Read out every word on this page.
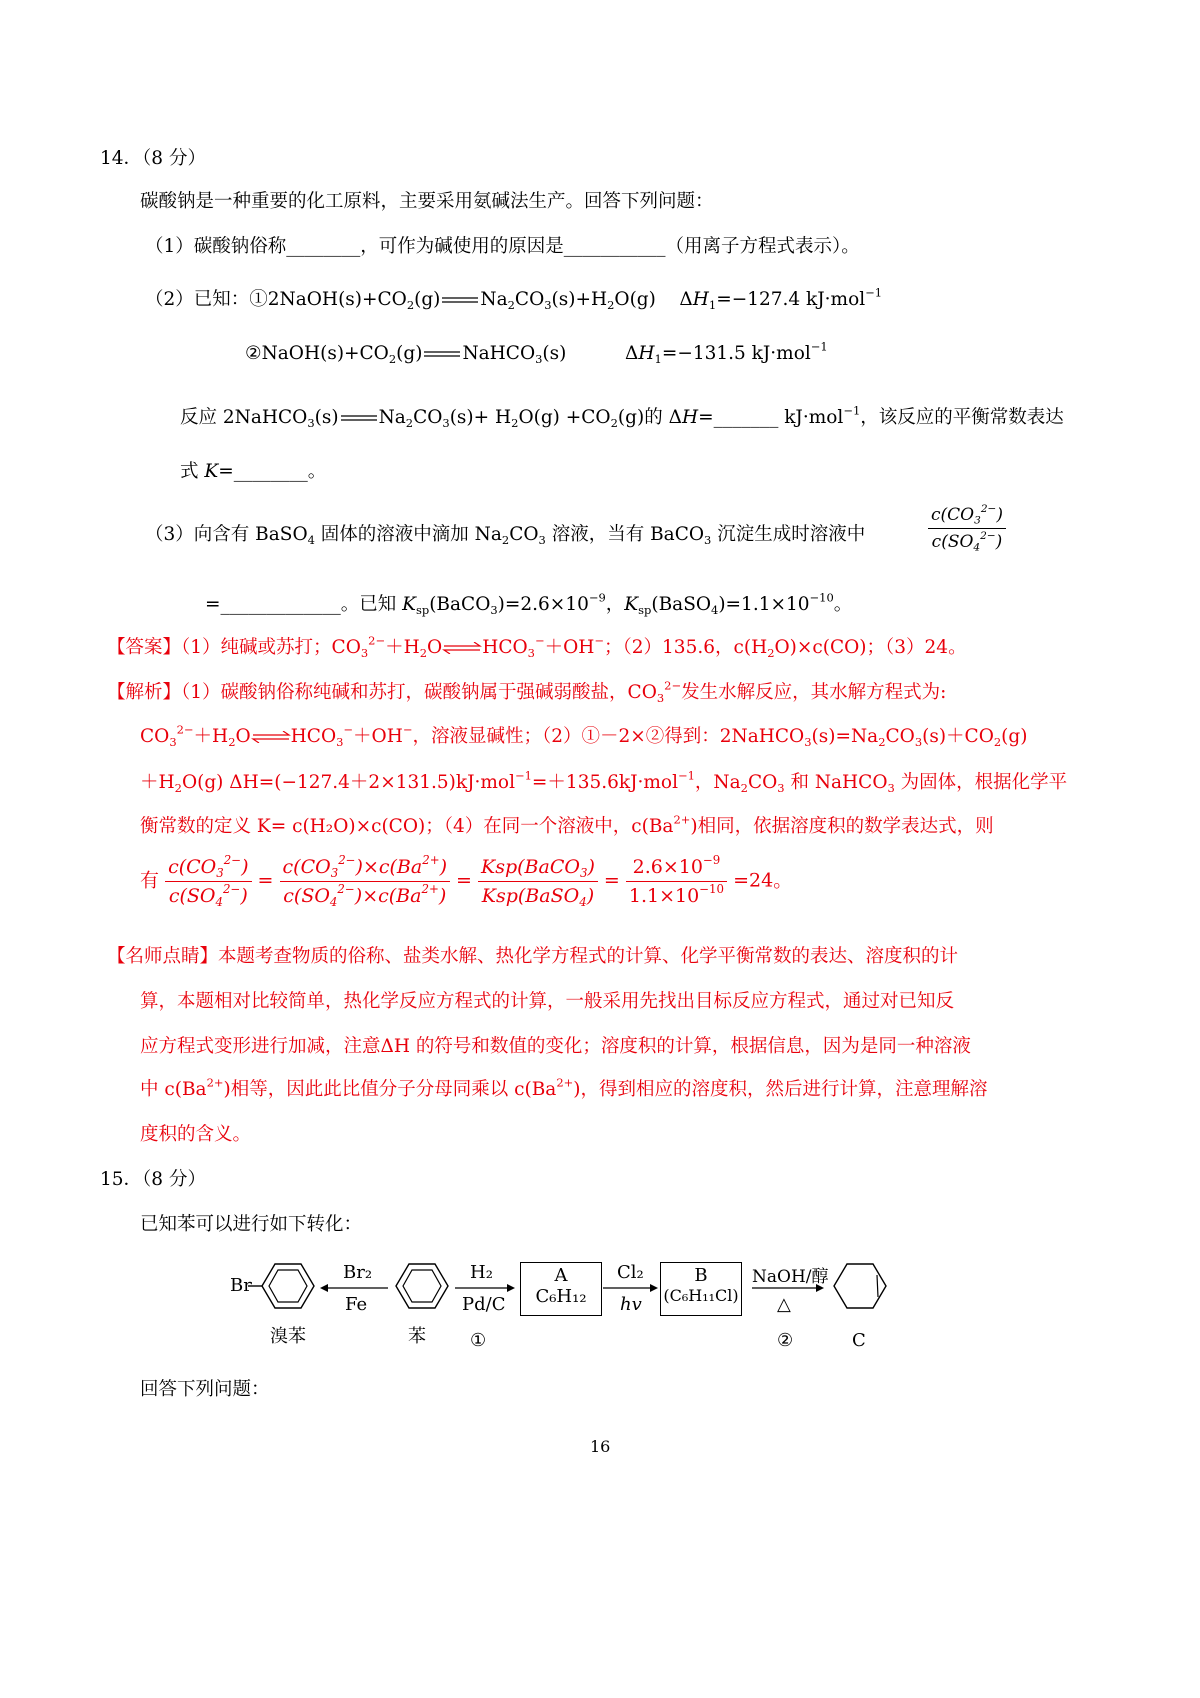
14．（8 分）
碳酸钠是一种重要的化工原料，主要采用氨碱法生产。回答下列问题：
（1）碳酸钠俗称________，可作为碱使用的原因是___________（用离子方程式表示）。
（2）已知：$①2NaOH(s)+CO_2(g)$ $Na_2CO_3(s)+H_2O(g)$    $\Delta H_1=-127.4$ kJ·mol$^{-1}$
$②NaOH(s)+CO_2(g)$ NaHCO$_3$(s)	$\Delta H_1=-131.5$ kJ·mol$^{-1}$
反应 2NaHCO$_3$(s) $Na_2CO_3(s)+ H_2O(g) +CO_2(g)$的 ΔH=_______ kJ·mol$^{-1}$，该反应的平衡常数表达
式 K=________。
（3）向含有 BaSO$_4$ 固体的溶液中滴加 $Na_2CO_3$ 溶液，当有 BaCO$_3$ 沉淀生成时溶液中	$\frac{c(CO_3^{2-})}{c(SO_4^{2-})}$
=_____________。已知 $K_{sp}(BaCO_3)=2.6\times 10^{-9}$，$K_{sp}(BaSO_4)=1.1\times 10^{-10}$。
【答案】（1）纯碱或苏打；$CO_3^{2-}+H_2O\rightleftharpoons HCO_3^-+OH^-$；（2）135.6，$c(H_2O)\times c(CO)$；（3）24。
【解析】（1）碳酸钠俗称纯碱和苏打，碳酸钠属于强碱弱酸盐，$CO_3^{2-}$发生水解反应，其水解方程式为:
$CO_3^{2-}+H_2O\rightleftharpoons HCO_3^-+OH^-$，溶液显碱性；（2）①－2×②得到：$2NaHCO_3(s)=Na_2CO_3(s)+CO_2(g)$
$+H_2O(g)$ ΔH=(−127.4＋2×131.5)kJ·mol$^{-1}$=＋135.6kJ·mol$^{-1}$，$Na_2CO_3$ 和 NaHCO$_3$ 为固体，根据化学平
衡常数的定义 K= c(H₂O)×c(CO)；（4）在同一个溶液中，$c(Ba^{2+})$相同，依据溶度积的数学表达式，则
有 $\frac{c(CO_3^{2-})}{c(SO_4^{2-})} = \frac{c(CO_3^{2-})\times c(Ba^{2+})}{c(SO_4^{2-})\times c(Ba^{2+})} = \frac{Ksp(BaCO_3)}{Ksp(BaSO_4)} = \frac{2.6\times 10^{-9}}{1.1\times 10^{-10}} =24$。
【名师点睛】本题考查物质的俗称、盐类水解、热化学方程式的计算、化学平衡常数的表达、溶度积的计
算，本题相对比较简单，热化学反应方程式的计算，一般采用先找出目标反应方程式，通过对已知反
应方程式变形进行加减，注意ΔH 的符号和数值的变化；溶度积的计算，根据信息，因为是同一种溶液
中 $c(Ba^{2+})$相等，因此此比值分子分母同乘以 $c(Ba^{2+})$，得到相应的溶度积，然后进行计算，注意理解溶
度积的含义。
15．（8 分）
已知苯可以进行如下转化：
Br
溴苯
Br₂
Fe
苯
H₂
Pd/C
①
A
C₆H₁₂
Cl₂
hv
B
(C₆H₁₁Cl)
NaOH/醇
△
②	C
回答下列问题：
16
